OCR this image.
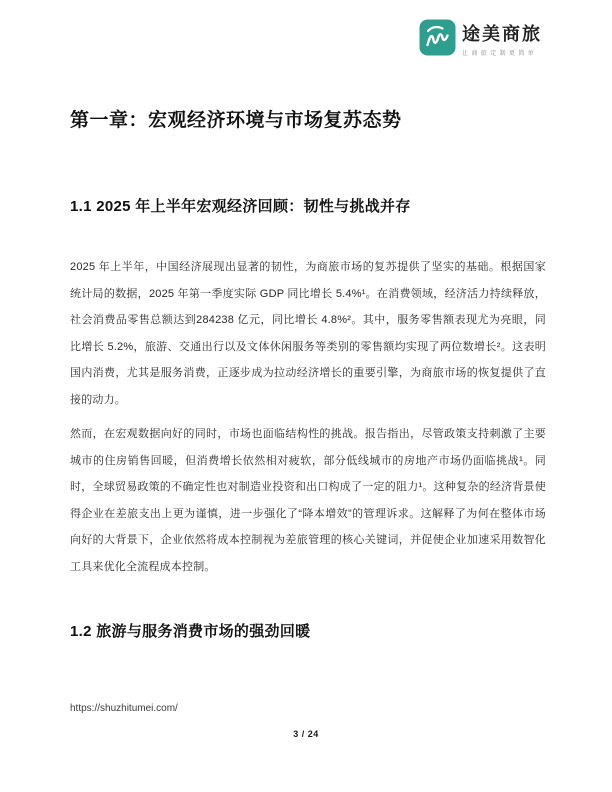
途美商旅
让商旅定制更简单
第一章：宏观经济环境与市场复苏态势
1.1 2025 年上半年宏观经济回顾：韧性与挑战并存

2025 年上半年，中国经济展现出显著的韧性，为商旅市场的复苏提供了坚实的基础。根据国家统计局的数据，2025 年第一季度实际 GDP 同比增长 5.4%¹。在消费领域，经济活力持续释放，社会消费品零售总额达到284238 亿元，同比增长 4.8%²。其中，服务零售额表现尤为亮眼，同比增长 5.2%，旅游、交通出行以及文体休闲服务等类别的零售额均实现了两位数增长²。这表明国内消费，尤其是服务消费，正逐步成为拉动经济增长的重要引擎，为商旅市场的恢复提供了直接的动力。

然而，在宏观数据向好的同时，市场也面临结构性的挑战。报告指出，尽管政策支持刺激了主要城市的住房销售回暖，但消费增长依然相对疲软，部分低线城市的房地产市场仍面临挑战¹。同时，全球贸易政策的不确定性也对制造业投资和出口构成了一定的阻力¹。这种复杂的经济背景使得企业在差旅支出上更为谨慎，进一步强化了“降本增效”的管理诉求。这解释了为何在整体市场向好的大背景下，企业依然将成本控制视为差旅管理的核心关键词，并促使企业加速采用数智化工具来优化全流程成本控制。

1.2 旅游与服务消费市场的强劲回暖
https://shuzhitumei.com/
3 / 24
